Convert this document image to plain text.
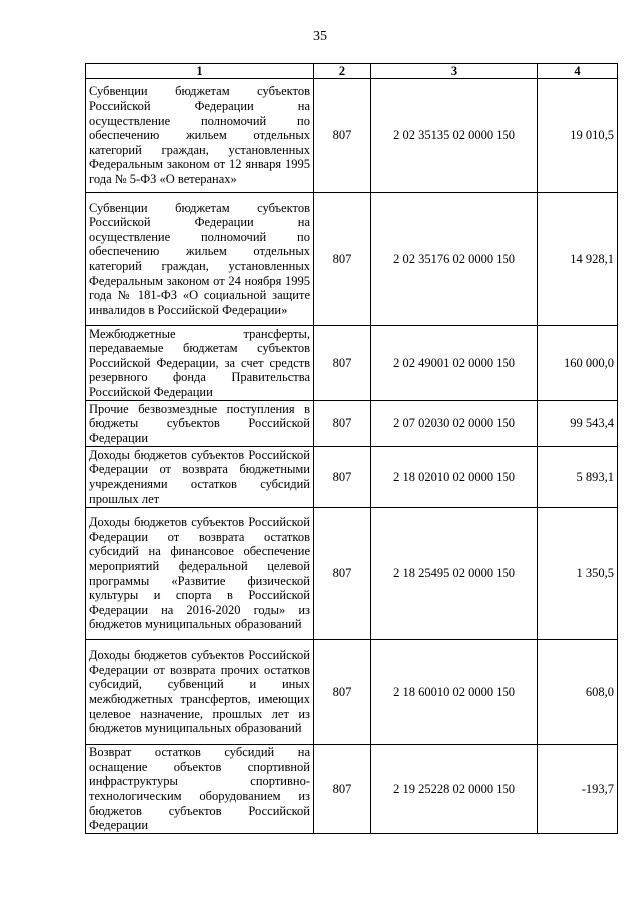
35
1	2	3	4
Субвенции бюджетам субъектов Российской Федерации на осуществление полномочий по обеспечению жильем отдельных категорий граждан, установленных Федеральным законом от 12 января 1995 года № 5-ФЗ «О ветеранах»	807	2 02 35135 02 0000 150	19 010,5
Субвенции бюджетам субъектов Российской Федерации на осуществление полномочий по обеспечению жильем отдельных категорий граждан, установленных Федеральным законом от 24 ноября 1995 года № 181-ФЗ «О социальной защите инвалидов в Российской Федерации»	807	2 02 35176 02 0000 150	14 928,1
Межбюджетные трансферты, передаваемые бюджетам субъектов Российской Федерации, за счет средств резервного фонда Правительства Российской Федерации	807	2 02 49001 02 0000 150	160 000,0
Прочие безвозмездные поступления в бюджеты субъектов Российской Федерации	807	2 07 02030 02 0000 150	99 543,4
Доходы бюджетов субъектов Российской Федерации от возврата бюджетными учреждениями остатков субсидий прошлых лет	807	2 18 02010 02 0000 150	5 893,1
Доходы бюджетов субъектов Российской Федерации от возврата остатков субсидий на финансовое обеспечение мероприятий федеральной целевой программы «Развитие физической культуры и спорта в Российской Федерации на 2016-2020 годы» из бюджетов муниципальных образований	807	2 18 25495 02 0000 150	1 350,5
Доходы бюджетов субъектов Российской Федерации от возврата прочих остатков субсидий, субвенций и иных межбюджетных трансфертов, имеющих целевое назначение, прошлых лет из бюджетов муниципальных образований	807	2 18 60010 02 0000 150	608,0
Возврат остатков субсидий на оснащение объектов спортивной инфраструктуры спортивно-технологическим оборудованием из бюджетов субъектов Российской Федерации	807	2 19 25228 02 0000 150	-193,7
